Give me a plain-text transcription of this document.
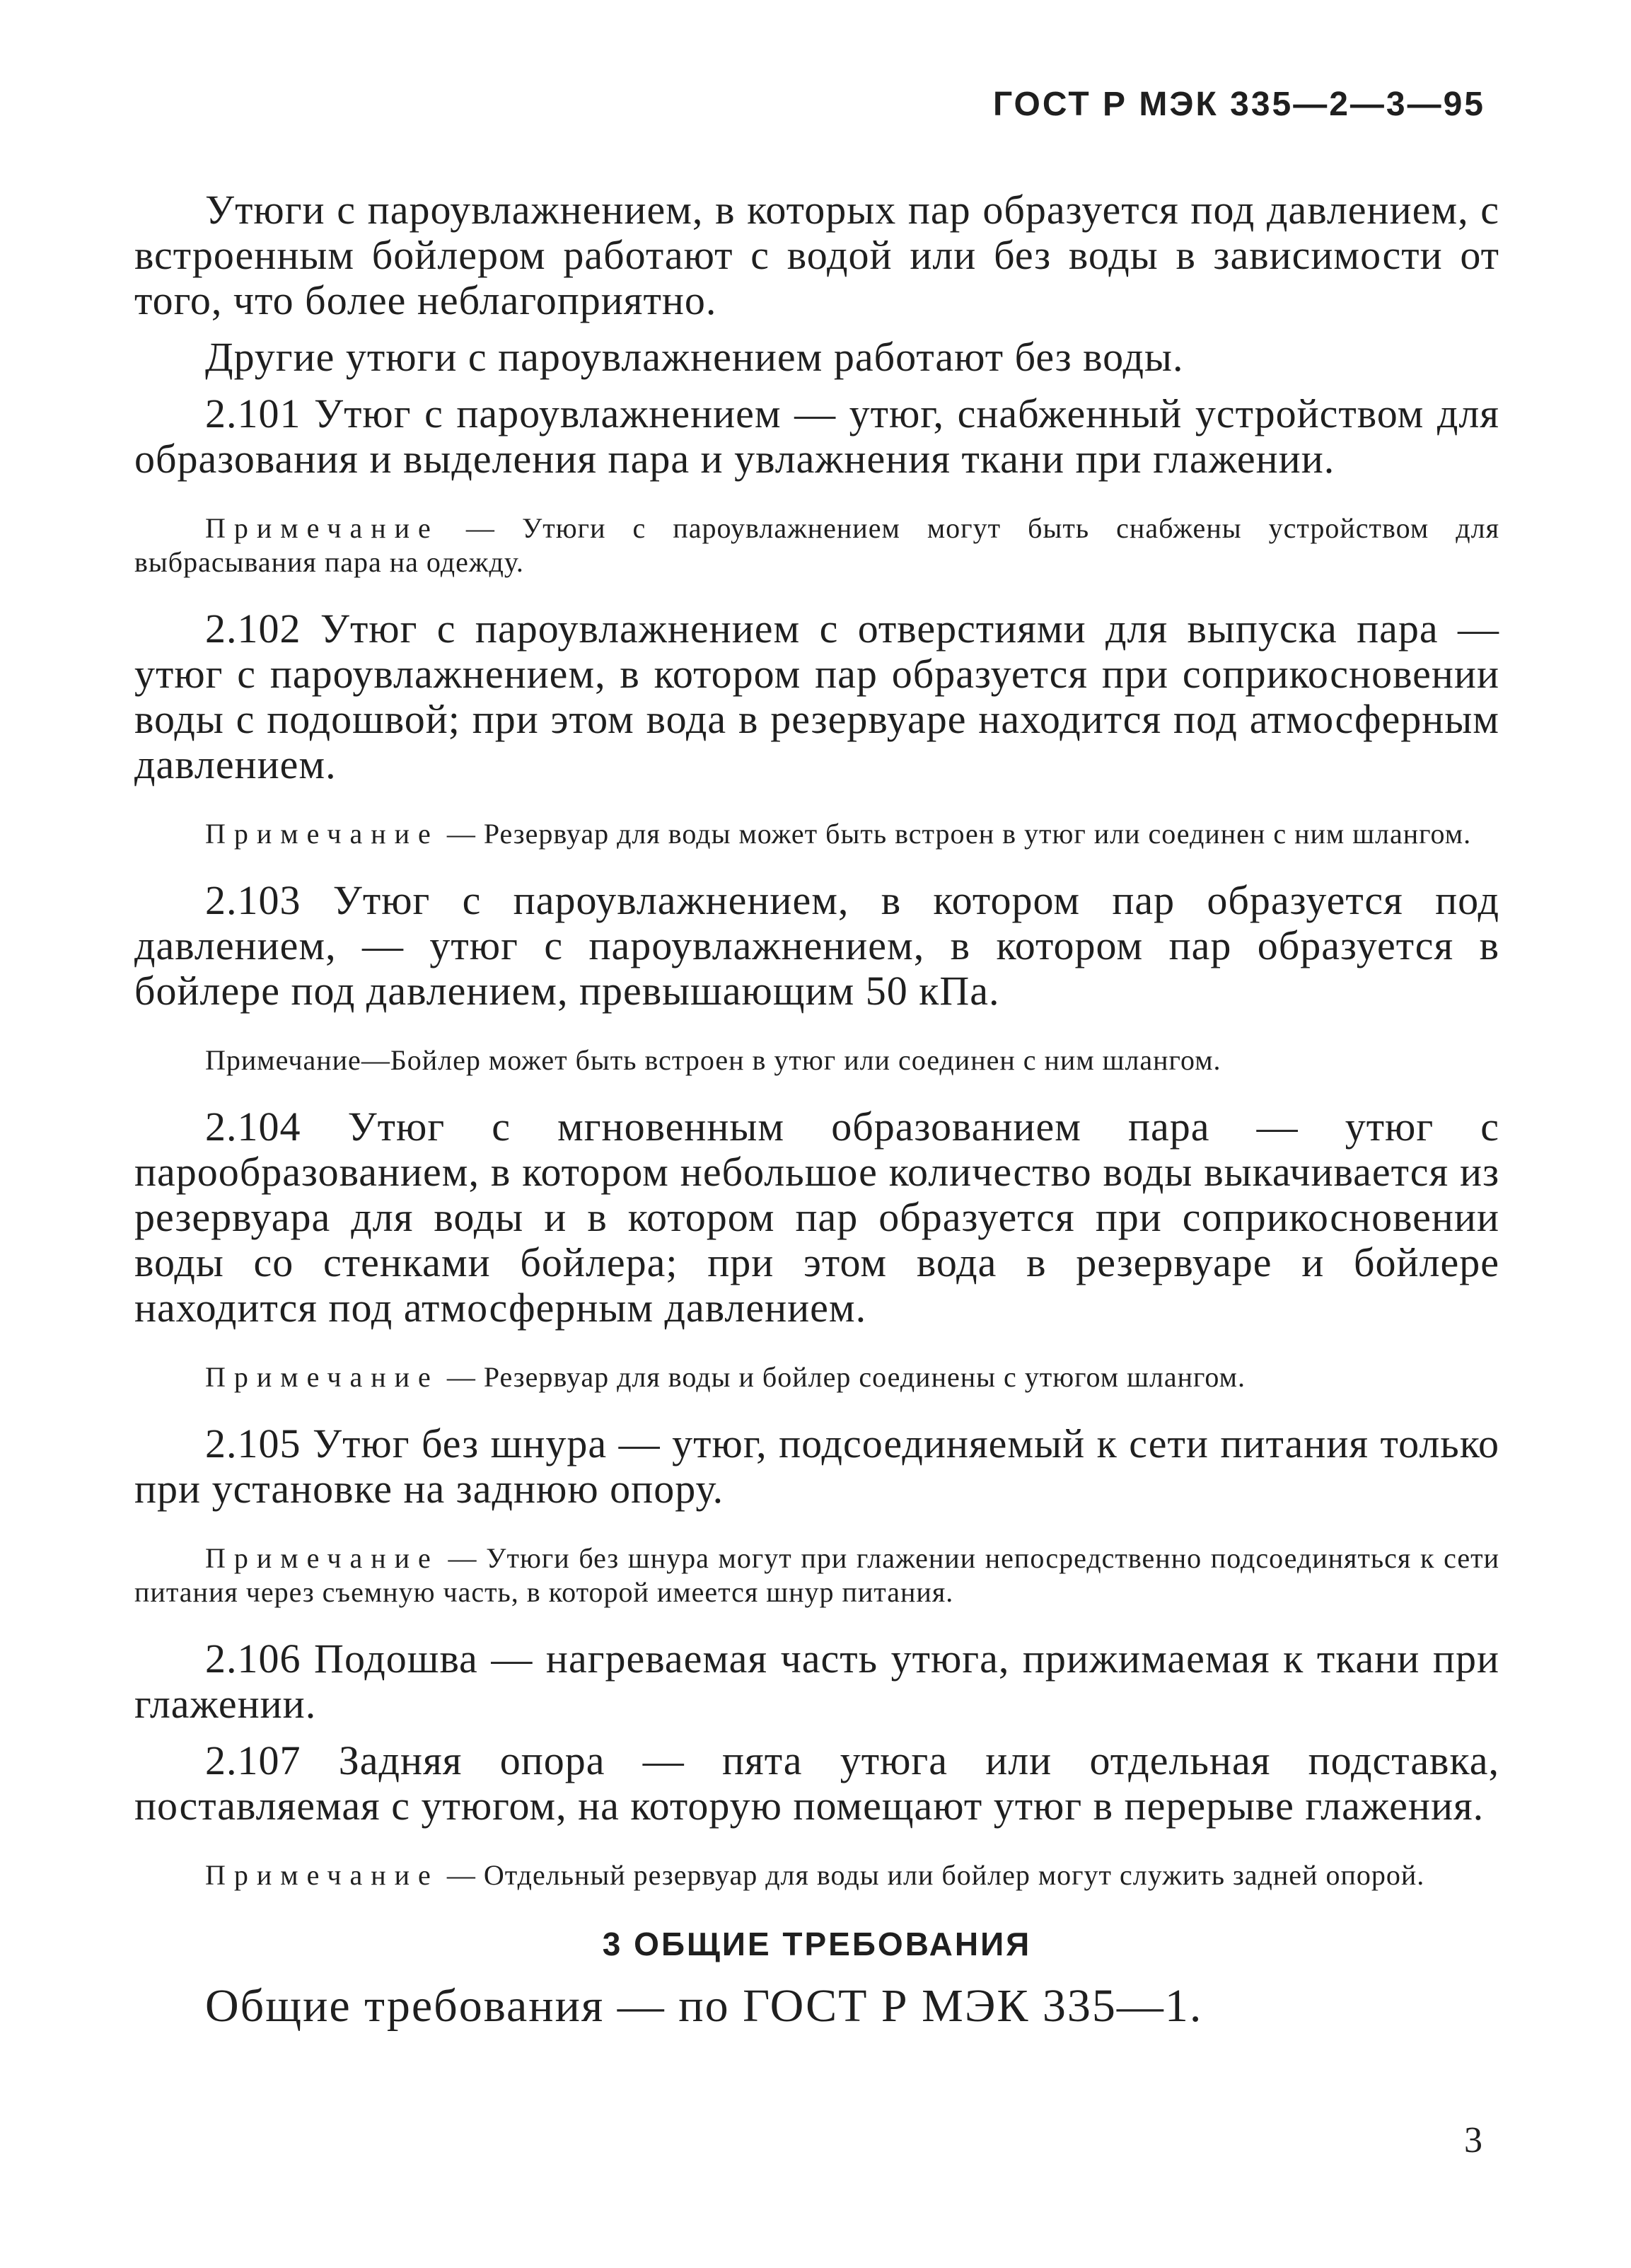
ГОСТ Р МЭК 335—2—3—95

Утюги с пароувлажнением, в которых пар образуется под давлением, с встроенным бойлером работают с водой или без воды в зависимости от того, что более неблагоприятно.

Другие утюги с пароувлажнением работают без воды.

2.101 Утюг с пароувлажнением — утюг, снабженный устройством для образования и выделения пара и увлажнения ткани при глажении.

Примечание — Утюги с пароувлажнением могут быть снабжены устройством для выбрасывания пара на одежду.

2.102 Утюг с пароувлажнением с отверстиями для выпуска пара — утюг с пароувлажнением, в котором пар образуется при соприкосновении воды с подошвой; при этом вода в резервуаре находится под атмосферным давлением.

Примечание — Резервуар для воды может быть встроен в утюг или соединен с ним шлангом.

2.103 Утюг с пароувлажнением, в котором пар образуется под давлением, — утюг с пароувлажнением, в котором пар образуется в бойлере под давлением, превышающим 50 кПа.

Примечание—Бойлер может быть встроен в утюг или соединен с ним шлангом.

2.104 Утюг с мгновенным образованием пара — утюг с парообразованием, в котором небольшое количество воды выкачивается из резервуара для воды и в котором пар образуется при соприкосновении воды со стенками бойлера; при этом вода в резервуаре и бойлере находится под атмосферным давлением.

Примечание — Резервуар для воды и бойлер соединены с утюгом шлангом.

2.105 Утюг без шнура — утюг, подсоединяемый к сети питания только при установке на заднюю опору.

Примечание — Утюги без шнура могут при глажении непосредственно подсоединяться к сети питания через съемную часть, в которой имеется шнур питания.

2.106 Подошва — нагреваемая часть утюга, прижимаемая к ткани при глажении.

2.107 Задняя опора — пята утюга или отдельная подставка, поставляемая с утюгом, на которую помещают утюг в перерыве глажения.

Примечание — Отдельный резервуар для воды или бойлер могут служить задней опорой.

3 ОБЩИЕ ТРЕБОВАНИЯ

Общие требования — по ГОСТ Р МЭК 335—1.

3
